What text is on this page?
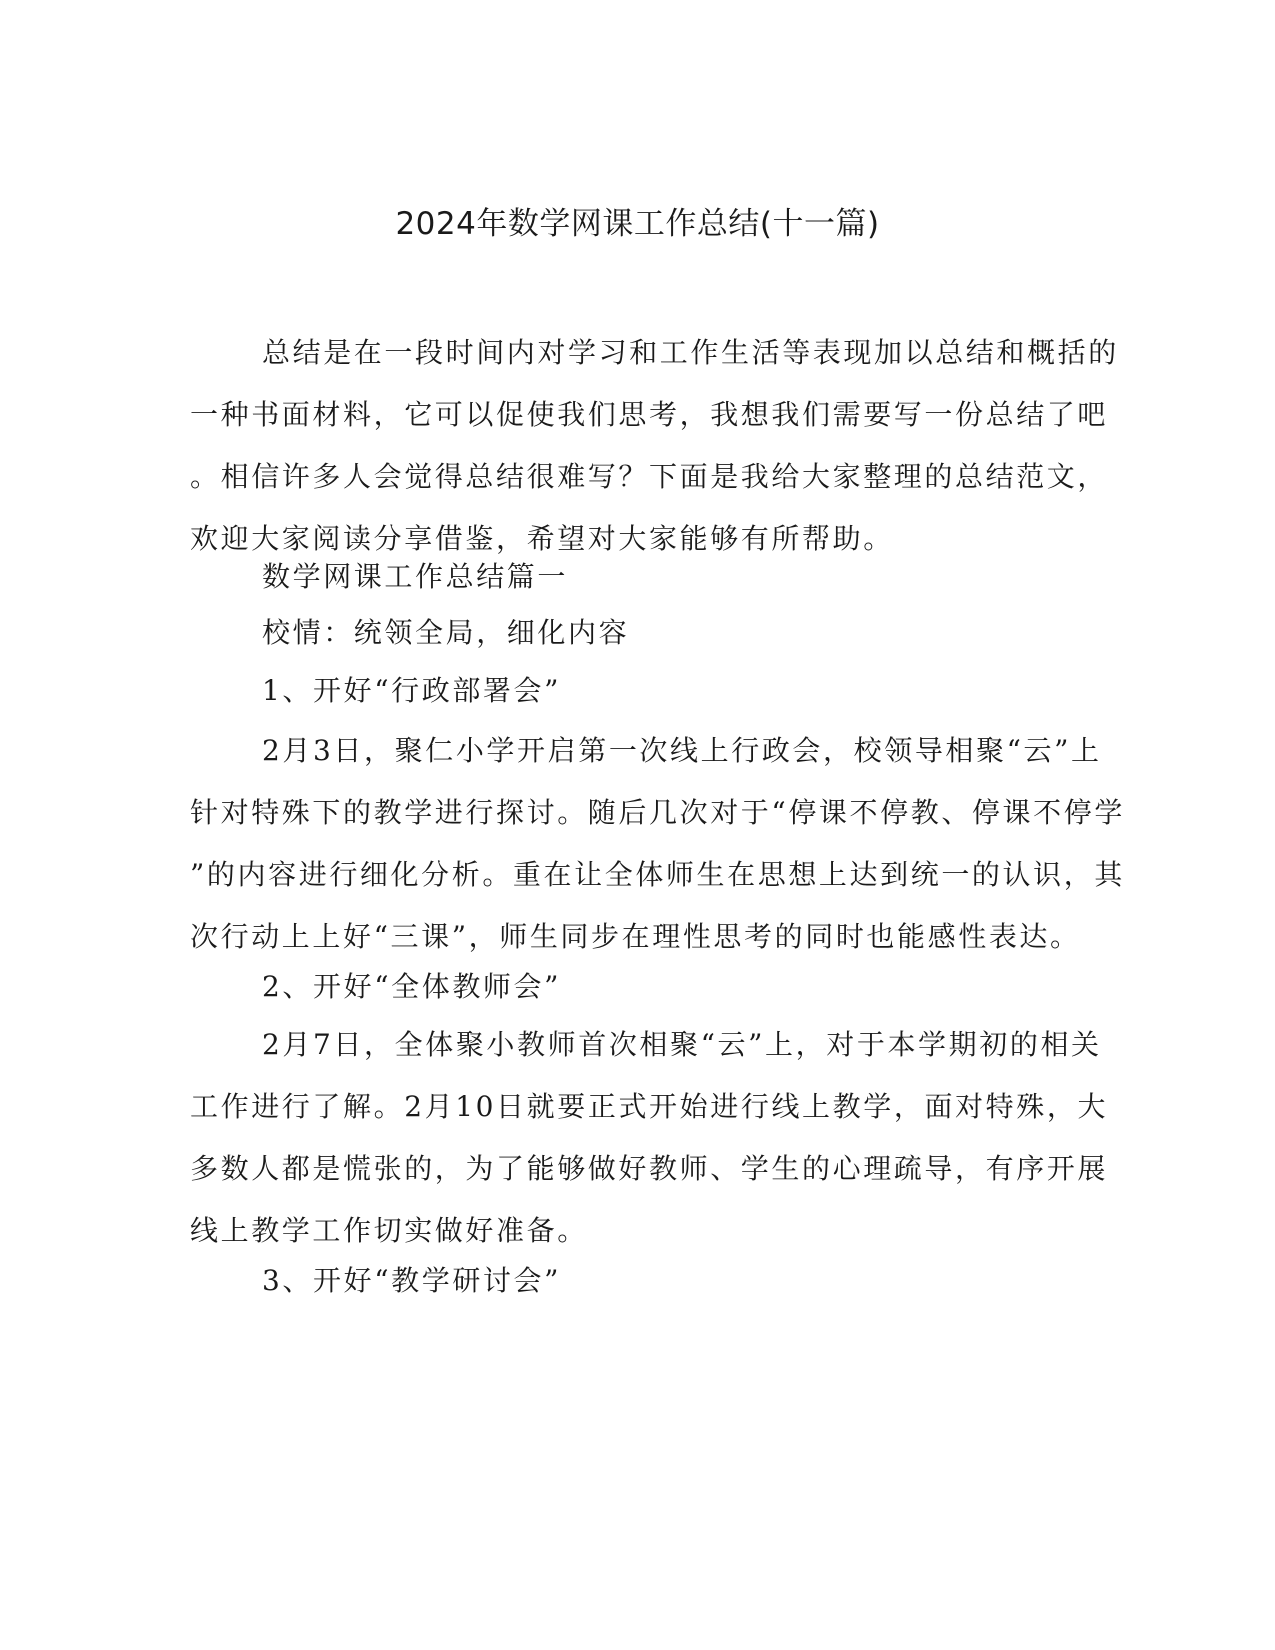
2024年数学网课工作总结(十一篇)
总结是在一段时间内对学习和工作生活等表现加以总结和概括的
一种书面材料，它可以促使我们思考，我想我们需要写一份总结了吧
。相信许多人会觉得总结很难写？下面是我给大家整理的总结范文，
欢迎大家阅读分享借鉴，希望对大家能够有所帮助。
数学网课工作总结篇一
校情：统领全局，细化内容
1、开好“行政部署会”
2月3日，聚仁小学开启第一次线上行政会，校领导相聚“云”上
针对特殊下的教学进行探讨。随后几次对于“停课不停教、停课不停学
”的内容进行细化分析。重在让全体师生在思想上达到统一的认识，其
次行动上上好“三课”，师生同步在理性思考的同时也能感性表达。
2、开好“全体教师会”
2月7日，全体聚小教师首次相聚“云”上，对于本学期初的相关
工作进行了解。2月10日就要正式开始进行线上教学，面对特殊，大
多数人都是慌张的，为了能够做好教师、学生的心理疏导，有序开展
线上教学工作切实做好准备。
3、开好“教学研讨会”
